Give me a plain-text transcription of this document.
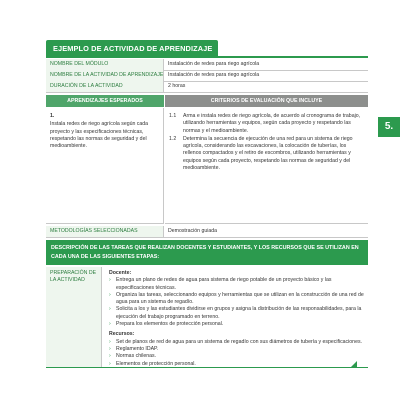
EJEMPLO DE ACTIVIDAD DE APRENDIZAJE
NOMBRE DEL MÓDULO	Instalación de redes para riego agrícola
NOMBRE DE LA ACTIVIDAD DE APRENDIZAJE Instalación de redes para riego agrícola
DURACIÓN DE LA ACTIVIDAD	2 horas
APRENDIZAJES ESPERADOS	CRITERIOS DE EVALUACIÓN QUE INCLUYE
1.
Instala redes de riego agrícola según cada proyecto y las especificaciones técnicas, respetando las normas de seguridad y del medioambiente.
1.1	Arma e instala redes de riego agrícola, de acuerdo al cronograma de trabajo, utilizando herramientas y equipos, según cada proyecto y respetando las normas y el medioambiente.
1.2	Determina la secuencia de ejecución de una red para un sistema de riego agrícola, considerando las excavaciones, la colocación de tuberías, los rellenos compactados y el retiro de escombros, utilizando herramientas y equipos según cada proyecto, respetando las normas de seguridad y del medioambiente.
METODOLOGÍAS SELECCIONADAS	Demostración guiada
DESCRIPCIÓN DE LAS TAREAS QUE REALIZAN DOCENTES Y ESTUDIANTES, Y LOS RECURSOS QUE SE UTILIZAN EN CADA UNA DE LAS SIGUIENTES ETAPAS:
PREPARACIÓN DE LA ACTIVIDAD
Docente:
›	Entrega un plano de redes de agua para sistema de riego potable de un proyecto básico y las especificaciones técnicas.
›	Organiza las tareas, seleccionando equipos y herramientas que se utilizan en la construcción de una red de agua para un sistema de regadío.
›	Solicita a los y las estudiantes dividirse en grupos y asigna la distribución de las responsabilidades, para la ejecución del trabajo programado en terreno.
›	Prepara los elementos de protección personal.
Recursos:
›	Set de planos de red de agua para un sistema de regadío con sus diámetros de tubería y especificaciones.
›	Reglamento IDAP.
›	Normas chilenas.
›	Elementos de protección personal.
5.
